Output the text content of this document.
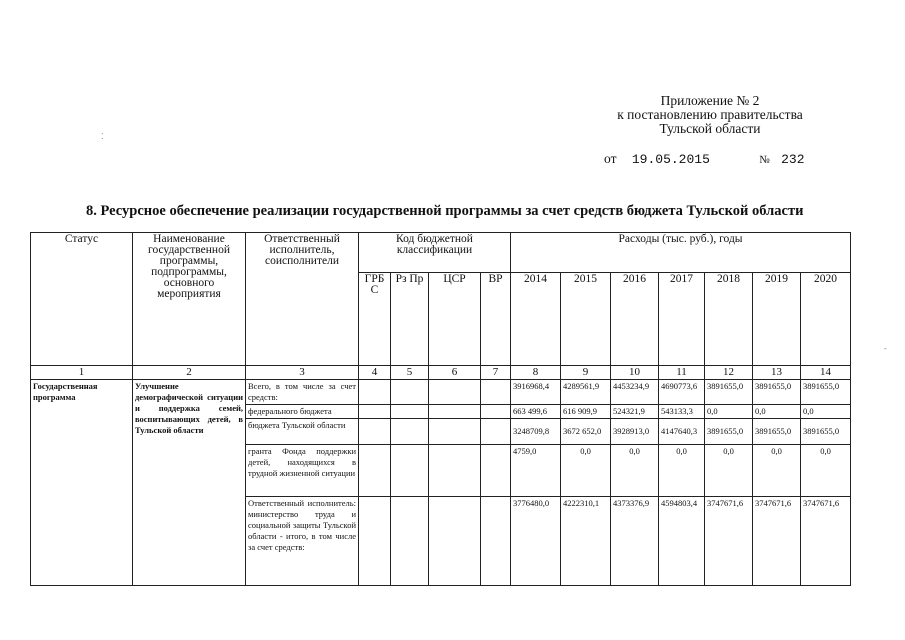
Приложение № 2
к постановлению правительства
Тульской области
от 19.05.2015	№ 232
8. Ресурсное обеспечение реализации государственной программы за счет средств бюджета Тульской области
⁚
-
Статус	Наименование государственной программы, подпрограммы, основного мероприятия	Ответственный исполнитель, соисполнители	Код бюджетной классификации				Расходы (тыс. руб.), годы						
			ГРБ С	Рз Пр	ЦСР	ВР	2014	2015	2016	2017	2018	2019	2020
1	2	3	4	5	6	7	8	9	10	11	12	13	14
Государственная программа	Улучшение демографической ситуации и поддержка семей, воспитывающих детей, в Тульской области	Всего, в том числе за счет средств:					3916968,4	4289561,9	4453234,9	4690773,6	3891655,0	3891655,0	3891655,0
		федерального бюджета					663 499,6	616 909,9	524321,9	543133,3	0,0	0,0	0,0
		бюджета Тульской области					3248709,8	3672 652,0	3928913,0	4147640,3	3891655,0	3891655,0	3891655,0
		гранта Фонда поддержки детей, находящихся в трудной жизненной ситуации					4759,0	0,0	0,0	0,0	0,0	0,0	0,0
		Ответственный исполнитель: министерство труда и социальной защиты Тульской области - итого, в том числе за счет средств:					3776480,0	4222310,1	4373376,9	4594803,4	3747671,6	3747671,6	3747671,6
